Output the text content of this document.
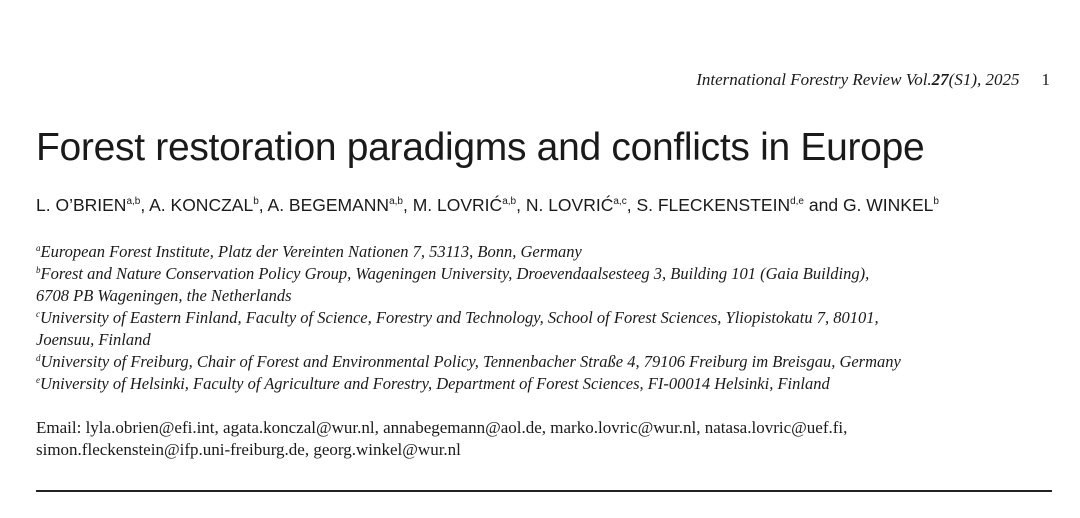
International Forestry Review Vol.27(S1), 2025 1
Forest restoration paradigms and conflicts in Europe

L. O’BRIEN$^{a,b}$, A. KONCZAL$^b$, A. BEGEMANN$^{a,b}$, M. LOVRIĆ$^{a,b}$, N. LOVRIĆ$^{a,c}$, S. FLECKENSTEIN$^{d,e}$ and G. WINKEL$^b$

$^a$European Forest Institute, Platz der Vereinten Nationen 7, 53113, Bonn, Germany
$^b$Forest and Nature Conservation Policy Group, Wageningen University, Droevendaalsesteeg 3, Building 101 (Gaia Building),
6708 PB Wageningen, the Netherlands
$^c$University of Eastern Finland, Faculty of Science, Forestry and Technology, School of Forest Sciences, Yliopistokatu 7, 80101,
Joensuu, Finland
$^d$University of Freiburg, Chair of Forest and Environmental Policy, Tennenbacher Straße 4, 79106 Freiburg im Breisgau, Germany
$^e$University of Helsinki, Faculty of Agriculture and Forestry, Department of Forest Sciences, FI-00014 Helsinki, Finland
Email: lyla.obrien@efi.int, agata.konczal@wur.nl, annabegemann@aol.de, marko.lovric@wur.nl, natasa.lovric@uef.fi,
simon.fleckenstein@ifp.uni-freiburg.de, georg.winkel@wur.nl
